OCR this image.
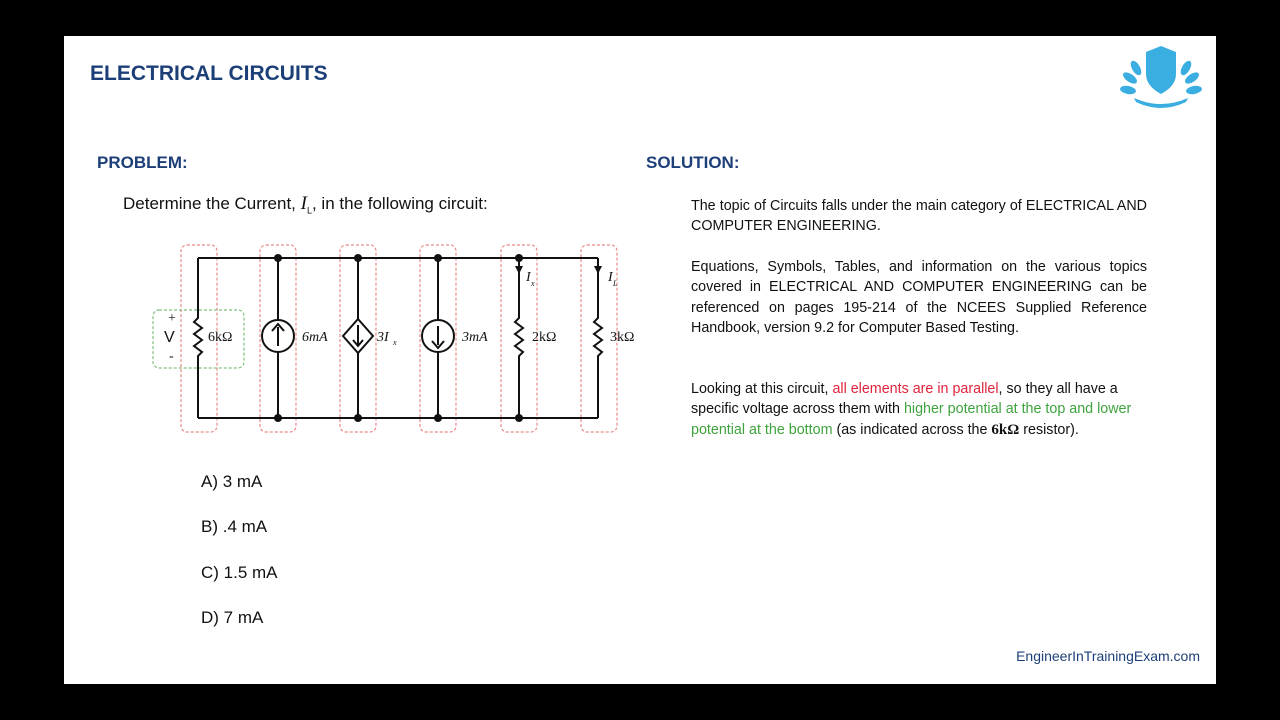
ELECTRICAL CIRCUITS
PROBLEM:
Determine the Current, $I_L$, in the following circuit:
+
V
-
6kΩ	6mA	3I x	3mA	2kΩ	3kΩ
I x	I L
A) 3 mA
B) .4 mA
C) 1.5 mA
D) 7 mA
SOLUTION:
The topic of Circuits falls under the main category of ELECTRICAL AND COMPUTER ENGINEERING.
Equations, Symbols, Tables, and information on the various topics covered in ELECTRICAL AND COMPUTER ENGINEERING can be referenced on pages 195-214 of the NCEES Supplied Reference Handbook, version 9.2 for Computer Based Testing.
Looking at this circuit, all elements are in parallel, so they all have a specific voltage across them with higher potential at the top and lower potential at the bottom (as indicated across the 6kΩ resistor).
EngineerInTrainingExam.com
